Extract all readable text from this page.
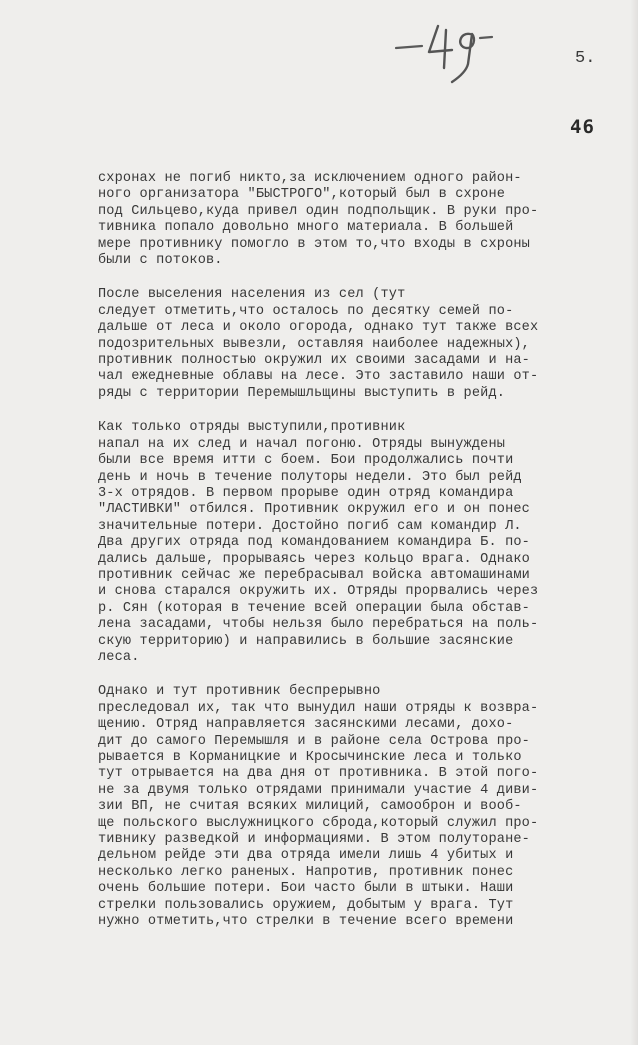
5.
46

схронах не погиб никто,за исключением одного район-
ного организатора "БЫСТРОГО",который был в схроне
под Сильцево,куда привел один подпольщик. В руки про-
тивника попало довольно много материала. В большей
мере противнику помогло в этом то,что входы в схроны
были с потоков.

После выселения населения из сел (тут
следует отметить,что осталось по десятку семей по-
дальше от леса и около огорода, однако тут также всех
подозрительных вывезли, оставляя наиболее надежных),
противник полностью окружил их своими засадами и на-
чал ежедневные облавы на лесе. Это заставило наши от-
ряды с территории Перемышльщины выступить в рейд.

Как только отряды выступили,противник
напал на их след и начал погоню. Отряды вынуждены
были все время итти с боем. Бои продолжались почти
день и ночь в течение полуторы недели. Это был рейд
3-х отрядов. В первом прорыве один отряд командира
"ЛАСТИВКИ" отбился. Противник окружил его и он понес
значительные потери. Достойно погиб сам командир Л.
Два других отряда под командованием командира Б. по-
дались дальше, прорываясь через кольцо врага. Однако
противник сейчас же перебрасывал войска автомашинами
и снова старался окружить их. Отряды прорвались через
р. Сян (которая в течение всей операции была обстав-
лена засадами, чтобы нельзя было перебраться на поль-
скую территорию) и направились в большие засянские
леса.

Однако и тут противник беспрерывно
преследовал их, так что вынудил наши отряды к возвра-
щению. Отряд направляется засянскими лесами, дохо-
дит до самого Перемышля и в районе села Острова про-
рывается в Корманицкие и Кросычинские леса и только
тут отрывается на два дня от противника. В этой пого-
не за двумя только отрядами принимали участие 4 диви-
зии ВП, не считая всяких милиций, самооброн и вооб-
ще польского выслужницкого сброда,который служил про-
тивнику разведкой и информациями. В этом полуторане-
дельном рейде эти два отряда имели лишь 4 убитых и
несколько легко раненых. Напротив, противник понес
очень большие потери. Бои часто были в штыки. Наши
стрелки пользовались оружием, добытым у врага. Тут
нужно отметить,что стрелки в течение всего времени
